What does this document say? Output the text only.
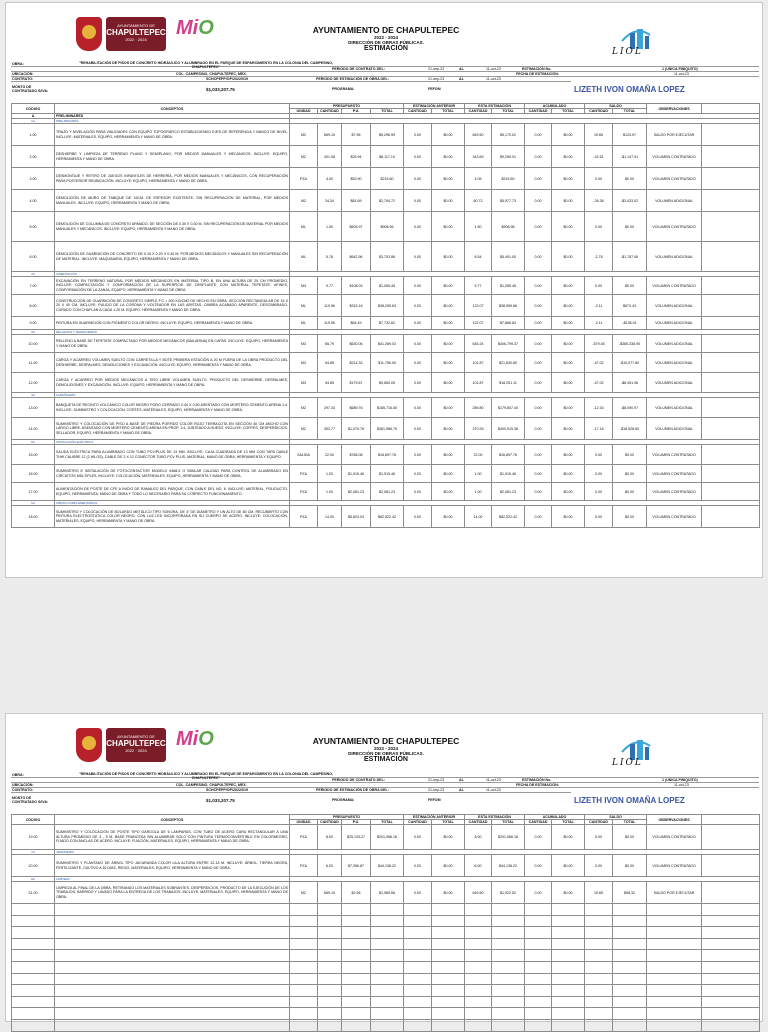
AYUNTAMIENTO DE
CHAPULTEPEC
2022 · 2024
MiO	AYUNTAMIENTO DE CHAPULTEPEC
2022 - 2024
DIRECCIÓN DE OBRAS PÚBLICAS.
ESTIMACIÓN	LIOL
OBRA:	"REHABILITACIÓN DE PISOS DE CONCRETO HIDRÁULICO Y ALUMBRADO EN EL PARQUE DE ESPARCIMIENTO EN LA COLONIA DEL CAMPESINO, CHAPULTEPEC"
UBICACIÓN:	COL. CAMPESINO, CHAPULTEPEC, MEX.
CONTRATO:	SCHCPEPP/OP/2022/019
MONTO DE CONTRATADO S/IVA:	$1,033,207.75
PERIODO DE CONTRATO DEL:	21-sep-23	AL	11-oct-23
PERIODO DE ESTIMACIÓN DE OBRA DEL:	21-sep-23	AL	11-oct-23
PROGRAMA:	FEFOM
ESTIMACIÓN No.	1 (UNICA FINIQUITO)
FECHA DE ESTIMACIÓN:	11-oct-23
LIZETH IVON OMAÑA LOPEZ
CÓDIGO	CONCEPTOS	PRESUPUESTO				ESTIMACIÓN ANTERIOR		ESTA ESTIMACIÓN		ACUMULADO		SALDO		OBSERVACIONES	
		UNIDAD	CANTIDAD	P.U.	TOTAL	CANTIDAD	TOTAL	CANTIDAD	TOTAL	CANTIDAD	TOTAL	CANTIDAD	TOTAL		
A	PRELIMINARES														
1A	PRELIMINARES														
1.00	TRAZO Y NIVELACIÓN PARA VIALIDADES CON EQUIPO TOPOGRÁFICO ESTABLECIENDO EJES DE REFERENCIA Y BANCO DE NIVEL. INCLUYE: MATERIALES, EQUIPO, HERRAMIENTA Y MANO DE OBRA.	M2	669.15	$7.96	$5,296.99	0.00	$0.00	649.50	$5,170.02	0.00	$0.00	19.65	$124.97	SALDO POR EJECUTAR	
2.00	DESHIERBE Y LIMPIEZA DE TERRENO PLANO Y SEMIPLANO, POR MEDIOS MANUALES Y MECÁNICOS. INCLUYE: EQUIPO, HERRAMIENTA Y MANO DE OBRA.	M2	301.08	$26.94	$8,117.10	0.00	$0.00	343.69	$9,259.01	0.00	$0.00	-42.61	-$1,147.91	VOLUMEN CONTRATADO	
3.00	DESMONTAJE Y RETIRO DE JUEGOS INFANTILES DE HERRERÍA, POR MEDIOS MANUALES Y MECÁNICOS, CON RECUPERACIÓN PARA POSTERIOR REUBICACIÓN. INCLUYE: EQUIPO, HERRAMIENTA Y MANO DE OBRA.	PZA	4.00	$53.90	$215.60	0.00	$0.00	4.05	$215.60	0.00	$0.00	0.00	$0.00	VOLUMEN CONTRATADO	
4.00	DEMOLICIÓN DE MURO DE TABIQUE DE 15CM. DE ESPESOR EXISTENTE, SIN RECUPERACIÓN DE MATERIAL, POR MEDIOS MANUALES. INCLUYE: EQUIPO, HERRAMIENTA Y MANO DE OBRA.	M2	34.34	$81.69	$2,794.72	0.00	$0.00	60.72	$5,977.73	0.00	$0.00	-26.38	-$3,433.02	VOLUMEN ADICIONAL	
5.00	DEMOLICIÓN DE COLUMNA DE CONCRETO ARMADO, DE SECCIÓN DE 0.30 X 0.30 M, SIN RECUPERACIÓN DE MATERIAL POR MEDIOS MANUALES Y MECÁNICOS. INCLUYE: EQUIPO, HERRAMIENTA Y MANO DE OBRA.	ML	1.50	$605.97	$908.96	0.00	$0.00	1.50	$908.96	0.00	$0.00	0.00	$0.00	VOLUMEN CONTRATADO	
6.00	DEMOLICIÓN DE GUARNICIÓN DE CONCRETO DE 0.15 X 0.20 X 0.40 M, POR MEDIOS MECÁNICOS Y MANUALES SIN RECUPERACIÓN DE MATERIAL. INCLUYE: MAQUINARIA, EQUIPO, HERRAMIENTA Y MANO DE OBRA.	ML	5.76	$642.96	$3,703.86	0.00	$0.00	8.54	$5,491.00	0.00	$0.00	-2.78	-$1,787.06	VOLUMEN ADICIONAL	
2A	CIMENTACIÓN														
7.00	EXCAVACIÓN EN TERRENO NATURAL POR MEDIOS MECÁNICOS EN MATERIAL TIPO B, EN UNA ALTURA DE 20 CM PROMEDIO, INCLUYE COMPACTACIÓN Y CONFORMACIÓN DE LA SUPERFICIE DE DESPLANTE CON MATERIAL TEPETATE, AFINES, CONFORMACIÓN DE LA ZANJA, EQUIPO, HERRAMIENTA Y MANO DE OBRA.	M3	9.77	$108.03	$1,055.45	0.00	$0.00	9.77	$1,055.45	0.00	$0.00	0.00	$0.00	VOLUMEN CONTRATADO	
8.00	CONSTRUCCIÓN DE GUARNICIÓN DE CONCRETO SIMPLE F'C = 200 KG/CM2 DE HECHO EN OBRA, SECCIÓN RECTANGULAR DE 15 X 20 X 40 CM, INCLUYE: PULIDO DE LA CORONA Y VOLTEADOR EN LAS ARISTAS, CIMBRA ACABADO APARENTE, DESCIMBRADO, CURADO CON CHAFLÁN A CADA 1.20 M. EQUIPO, HERRAMIENTA Y MANO DE OBRA.	ML	119.96	$315.16	$38,295.63	0.00	$0.00	122.07	$38,959.86	0.00	$0.00	-2.11	$673.43	VOLUMEN ADICIONAL	
9.00	PINTURA EN GUARNICIÓN CON PIGMENTO COLOR NEGRO. INCLUYE: EQUIPO, HERRAMIENTA Y MANO DE OBRA.	ML	119.96	$64.49	$7,732.62	0.00	$0.00	122.07	$7,868.63	0.00	$0.00	-2.11	-$136.01	VOLUMEN ADICIONAL	
3A	RELLENOS Y TERRACERÍAS														
10.00	RELLENO A BASE DE TEPETATE COMPACTADO POR MEDIOS MECÁNICOS (BAILARINA) EN CAPAS. INCLUYE: EQUIPO, HERRAMIENTA Y MANO DE OBRA.	M3	65.79	$630.06	$41,289.03	0.00	$0.00	645.24	$406,799.37	0.00	$0.00	-579.45	-$365,335.90	VOLUMEN ADICIONAL	
11.00	CARGA Y ACARREO VOLUMEN SUELTO CON CARRETILLA Y BOTE PRIMERA ESTACIÓN A 20 M FUERA DE LA OBRA PRODUCTO DEL DESHIERBE, DESPALMES, DEMOLICIONES Y EXCAVACIÓN. INCLUYE: EQUIPO, HERRAMIENTA Y MANO DE OBRA.	M3	54.85	$214.33	$11,756.00	0.00	$0.00	101.87	$21,830.80	0.00	$0.00	-47.02	-$10,077.80	VOLUMEN ADICIONAL	
12.00	CARGA Y ACARREO POR MEDIOS MECÁNICOS A TIRO LIBRE VOLUMEN SUELTO, PRODUCTO DEL DESHIERBE, DESPALMES, DEMOLICIONES Y EXCAVACIÓN. INCLUYE: EQUIPO, HERRAMIENTA Y MANO DE OBRA.	M3	54.85	$179.67	$9,850.05	0.00	$0.00	101.87	$18,251.11	0.00	$0.00	-47.02	-$8,451.06	VOLUMEN ADICIONAL	
4A	ALBAÑILERÍA														
13.00	BANQUETA DE RECINTO VOLCÁNICO COLOR NEGRO PORO CERRADO 0.40 X 0.60 ASENTADO CON MORTERO CEMENTO-ARENA 1:4. INCLUYE: SUMINISTRO Y COLOCACIÓN, CORTES, MATERIALES, EQUIPO, HERRAMIENTA Y MANO DE OBRA.	M2	297.34	$689.76	$185,716.50	0.00	$0.00	289.80	$179,807.40	0.00	$0.00	-12.34	-$8,090.97	VOLUMEN ADICIONAL	
14.00	SUMINISTRO Y COLOCACIÓN DE PISO A BASE DE PIEDRA PORFIDO COLOR ROJO TERRACOTA EN SECCIÓN 40 CM ANCHO CON LARGO LIBRE, ASENTADO CON MORTERO CEMENTO ARENA EN PROP. 1:4, JUNTEADO A HUESO. INCLUYE: CORTES, DESPERDICIOS, SELLADOR, EQUIPO, HERRAMIENTA Y MANO DE OBRA.	M2	353.77	$1,079.76	$381,986.75	0.00	$0.00	370.93	$400,515.36	0.00	$0.00	-17.16	-$18,528.60	VOLUMEN ADICIONAL	
5A	INSTALACIÓN ELÉCTRICA														
15.00	SALIDA ELÉCTRICA PARA ALUMBRADO CON TUBO PCV/PLUS DE 13 MM. INCLUYE: CAJA CUADRADA DE 13 MM CON TAPA CABLE THW CALIBRE 12 (2 HILOS), CABLE DE 2 X 12 CONECTOR TUBO PCV PLUS, MATERIAL, MANO DE OBRA, HERRAMIENTA Y EQUIPO.	SALIDA	22.00	$768.08	$16,897.76	0.00	$0.00	22.00	$16,897.76	0.00	$0.00	0.00	$0.00	VOLUMEN CONTRATADO	
16.00	SUMINISTRO E INSTALACIÓN DE FOTOCONTACTOR MODELO 9488-9 O SIMILAR CALIDAD PARA CONTROL DE ALUMBRADO EN CIRCUITOS MÚLTIPLES. INCLUYE: COLOCACIÓN, MATERIALES, EQUIPO, HERRAMIENTA Y MANO DE OBRA.	PZA	1.00	$1,915.46	$1,915.46	0.00	$0.00	1.00	$1,915.46	0.00	$0.00	0.00	$0.00	VOLUMEN CONTRATADO	
17.00	ALIMENTACIÓN DE POSTE DE CFE A INICIO DE RAMALEO DEL PARQUE, CON CABLE DEL NO. 6. INCLUYE: MATERIAL, POLIDUCTO, EQUIPO, HERRAMIENTA, MANO DE OBRA Y TODO LO NECESARIO PARA SU CORRECTO FUNCIONAMIENTO.	PZA	1.00	$2,081.23	$2,081.23	0.00	$0.00	1.00	$2,081.23	0.00	$0.00	0.00	$0.00	VOLUMEN CONTRATADO	
6A	OBRAS COMPLEMENTARIAS														
18.00	SUMINISTRO Y COLOCACIÓN DE BOLARDO METÁLICO TIPO SONORA, DE 4" DE DIÁMETRO Y UN ALTO DE 80 CM. RECUBIERTO CON PINTURA ELECTROSTÁTICA COLOR NEGRO, CON LUZ LED INCORPORADA EN SU CUERPO DE ACERO. INCLUYE: COLOCACIÓN, MATERIALES, EQUIPO, HERRAMIENTA Y MANO DE OBRA.	PZA	14.00	$5,823.03	$82,522.42	0.00	$0.00	14.00	$82,522.42	0.00	$0.00	0.00	$0.00	VOLUMEN CONTRATADO	
AYUNTAMIENTO DE
CHAPULTEPEC
2022 · 2024
MiO	AYUNTAMIENTO DE CHAPULTEPEC
2022 - 2024
DIRECCIÓN DE OBRAS PÚBLICAS.
ESTIMACIÓN	LIOL
OBRA:	"REHABILITACIÓN DE PISOS DE CONCRETO HIDRÁULICO Y ALUMBRADO EN EL PARQUE DE ESPARCIMIENTO EN LA COLONIA DEL CAMPESINO, CHAPULTEPEC"
UBICACIÓN:	COL. CAMPESINO, CHAPULTEPEC, MEX.
CONTRATO:	SCHCPEPP/OP/2022/019
MONTO DE CONTRATADO S/IVA:	$1,033,207.75
PERIODO DE CONTRATO DEL:	21-sep-23	AL	11-oct-23
PERIODO DE ESTIMACIÓN DE OBRA DEL:	21-sep-23	AL	11-oct-23
PROGRAMA:	FEFOM
ESTIMACIÓN No.	1 (UNICA FINIQUITO)
FECHA DE ESTIMACIÓN:	11-oct-23
LIZETH IVON OMAÑA LOPEZ
CÓDIGO	CONCEPTOS	PRESUPUESTO				ESTIMACIÓN ANTERIOR		ESTA ESTIMACIÓN		ACUMULADO		SALDO		OBSERVACIONES	
		UNIDAD	CANTIDAD	P.U.	TOTAL	CANTIDAD	TOTAL	CANTIDAD	TOTAL	CANTIDAD	TOTAL	CANTIDAD	TOTAL		
19.00	SUMINISTRO Y COLOCACIÓN DE POSTE TIPO GARGOLA DE 6 LÁMPARAS, CON TUBO DE ACERO CARA RECTANGULAR A UNA ALTURA PROMEDIO DE 3 - 5 M, BASE FRANCESA SIN ALUMBRAR SOLO CON PINTURA TERMOCONVERTIBLE EN COLORNEGRO, FIJADO CON ANCLAS DE ACERO. INCLUYE: FIJACIÓN, MATERIALES, EQUIPO, HERRAMIENTA Y MANO DE OBRA.	PZA	8.00	$25,133.27	$201,066.16	0.00	$0.00	8.00	$201,066.16	0.00	$0.00	0.00	$0.00	VOLUMEN CONTRATADO	
7A	JARDINERÍA														
20.00	SUMINISTRO Y PLANTADO DE ÁRBOL TIPO JACARANDA COLOR LILA ALTURA ENTRE 12-15 M. INCLUYE: ÁRBOL, TIERRA NEGRA, FERTILIZANTE, CULTIVO A 30 DÍAS, RIEGO, MATERIALES, EQUIPO, HERRAMIENTA Y MANO DE OBRA.	PZA	6.00	$7,356.87	$44,138.22	0.00	$0.00	6.00	$44,138.22	0.00	$0.00	0.00	$0.00	VOLUMEN CONTRATADO	
8A	LIMPIEZA														
21.00	LIMPIEZA AL FINAL DE LA OBRA, RETIRANDO LOS MATERIALES SOBRANTES, DESPERDICIOS, PRODUCTO DE LA EJECUCIÓN DE LOS TRABAJOS, BARRIDO Y LAVADO PARA LA ENTREGA DE LOS TRABAJOS. INCLUYE: MATERIALES, EQUIPO, HERRAMIENTA Y MANO DE OBRA.	M2	669.15	$2.96	$1,980.68	0.00	$0.00	649.50	$1,922.52	0.00	$0.00	19.65	$58.32	SALDO POR EJECUTAR	
